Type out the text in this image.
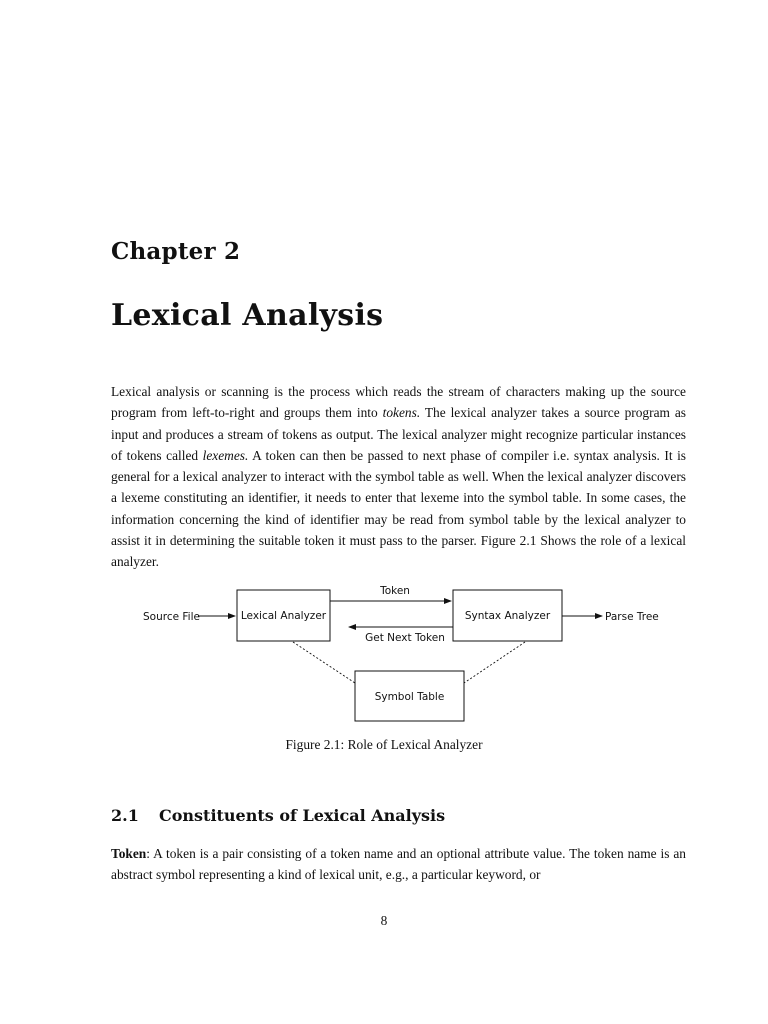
Chapter 2
Lexical Analysis

Lexical analysis or scanning is the process which reads the stream of characters making up the source program from left-to-right and groups them into tokens. The lexical analyzer takes a source program as input and produces a stream of tokens as output. The lexical analyzer might recognize particular instances of tokens called lexemes. A token can then be passed to next phase of compiler i.e. syntax analysis. It is general for a lexical analyzer to interact with the symbol table as well. When the lexical analyzer discovers a lexeme constituting an identifier, it needs to enter that lexeme into the symbol table. In some cases, the information concerning the kind of identifier may be read from symbol table by the lexical analyzer to assist it in determining the suitable token it must pass to the parser. Figure 2.1 Shows the role of a lexical analyzer.

Source File	Lexical Analyzer
Token
Get Next Token
Syntax Analyzer	Parse Tree
Symbol Table

Figure 2.1: Role of Lexical Analyzer

2.1 Constituents of Lexical Analysis

Token: A token is a pair consisting of a token name and an optional attribute value. The token name is an abstract symbol representing a kind of lexical unit, e.g., a particular keyword, or

8
